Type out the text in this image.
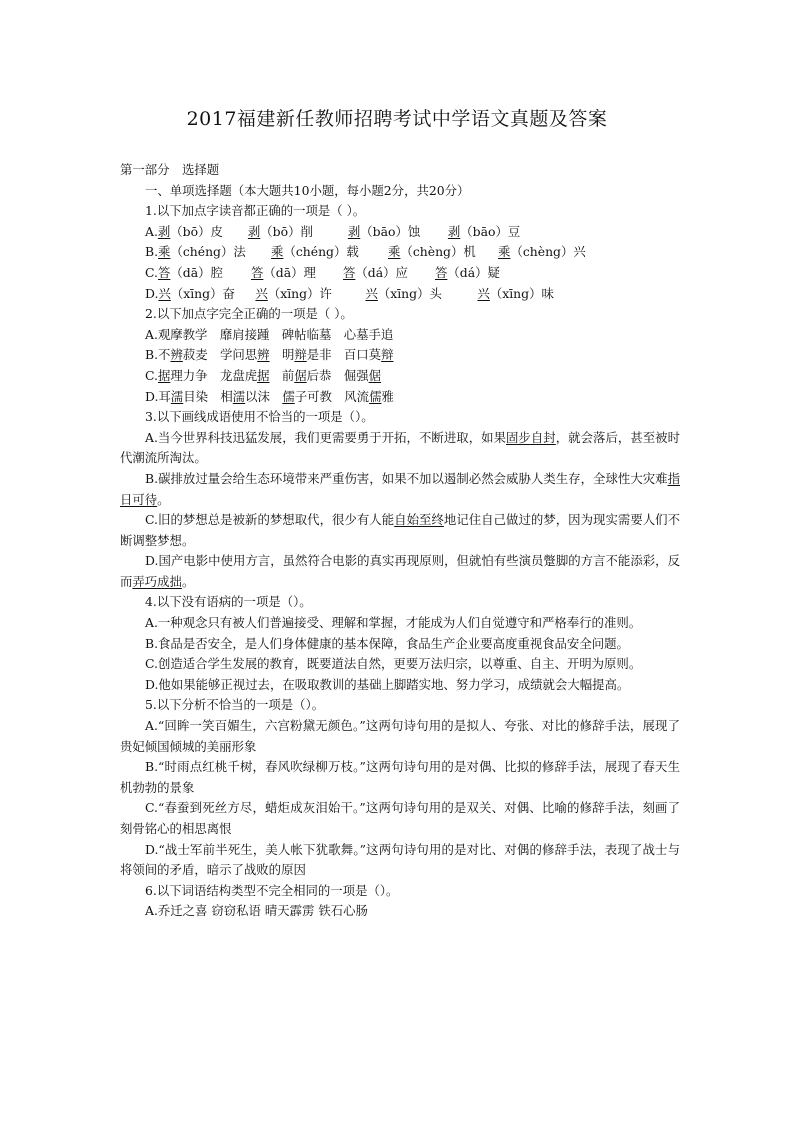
2017福建新任教师招聘考试中学语文真题及答案
第一部分　选择题
一、单项选择题（本大题共10小题，每小题2分，共20分）
1.以下加点字读音都正确的一项是（ ）。
A.剥（bō）皮 剥（bō）削	剥（bāo）蚀 剥（bāo）豆
B.乘（chéng）法 乘（chéng）载 乘（chèng）机 乘（chèng）兴
C.答（dā）腔 答（dā）理 答（dá）应 答（dá）疑
D.兴（xīng）奋 兴（xīng）许	兴（xīng）头	兴（xīng）味
2.以下加点字完全正确的一项是（ ）。
A.观摩教学　靡肩接踵　碑帖临墓　心墓手追
B.不辨菽麦　 学问思辨　 明辩是非　 百口莫辩
C.据理力争　 龙盘虎据　 前倨后恭　 倔强倨
D.耳濡目染　 相濡以沫　 儒子可教　 风流儒雅
3.以下画线成语使用不恰当的一项是（）。
A.当今世界科技迅猛发展，我们更需要勇于开拓，不断进取，如果固步自封，就会落后，甚至被时代潮流所淘汰。
B.碳排放过量会给生态环境带来严重伤害，如果不加以遏制必然会威胁人类生存，全球性大灾难指日可待。
C.旧的梦想总是被新的梦想取代，很少有人能自始至终地记住自己做过的梦，因为现实需要人们不断调整梦想。
D.国产电影中使用方言，虽然符合电影的真实再现原则，但就怕有些演员蹩脚的方言不能添彩，反而弄巧成拙。
4.以下没有语病的一项是（）。
A.一种观念只有被人们普遍接受、理解和掌握，才能成为人们自觉遵守和严格奉行的准则。
B.食品是否安全，是人们身体健康的基本保障，食品生产企业要高度重视食品安全问题。
C.创造适合学生发展的教育，既要道法自然，更要万法归宗，以尊重、自主、开明为原则。
D.他如果能够正视过去，在吸取教训的基础上脚踏实地、努力学习，成绩就会大幅提高。
5.以下分析不恰当的一项是（）。
A.“回眸一笑百媚生，六宫粉黛无颜色。”这两句诗句用的是拟人、夸张、对比的修辞手法，展现了贵妃倾国倾城的美丽形象
B.“时雨点红桃千树，春风吹绿柳万枝。”这两句诗句用的是对偶、比拟的修辞手法，展现了春天生机勃勃的景象
C.“春蚕到死丝方尽，蜡炬成灰泪始干。”这两句诗句用的是双关、对偶、比喻的修辞手法，刻画了刻骨铭心的相思离恨
D.“战士军前半死生，美人帐下犹歌舞。”这两句诗句用的是对比、对偶的修辞手法，表现了战士与将领间的矛盾，暗示了战败的原因
6.以下词语结构类型不完全相同的一项是（）。
A.乔迁之喜 窃窃私语 晴天霹雳 铁石心肠
